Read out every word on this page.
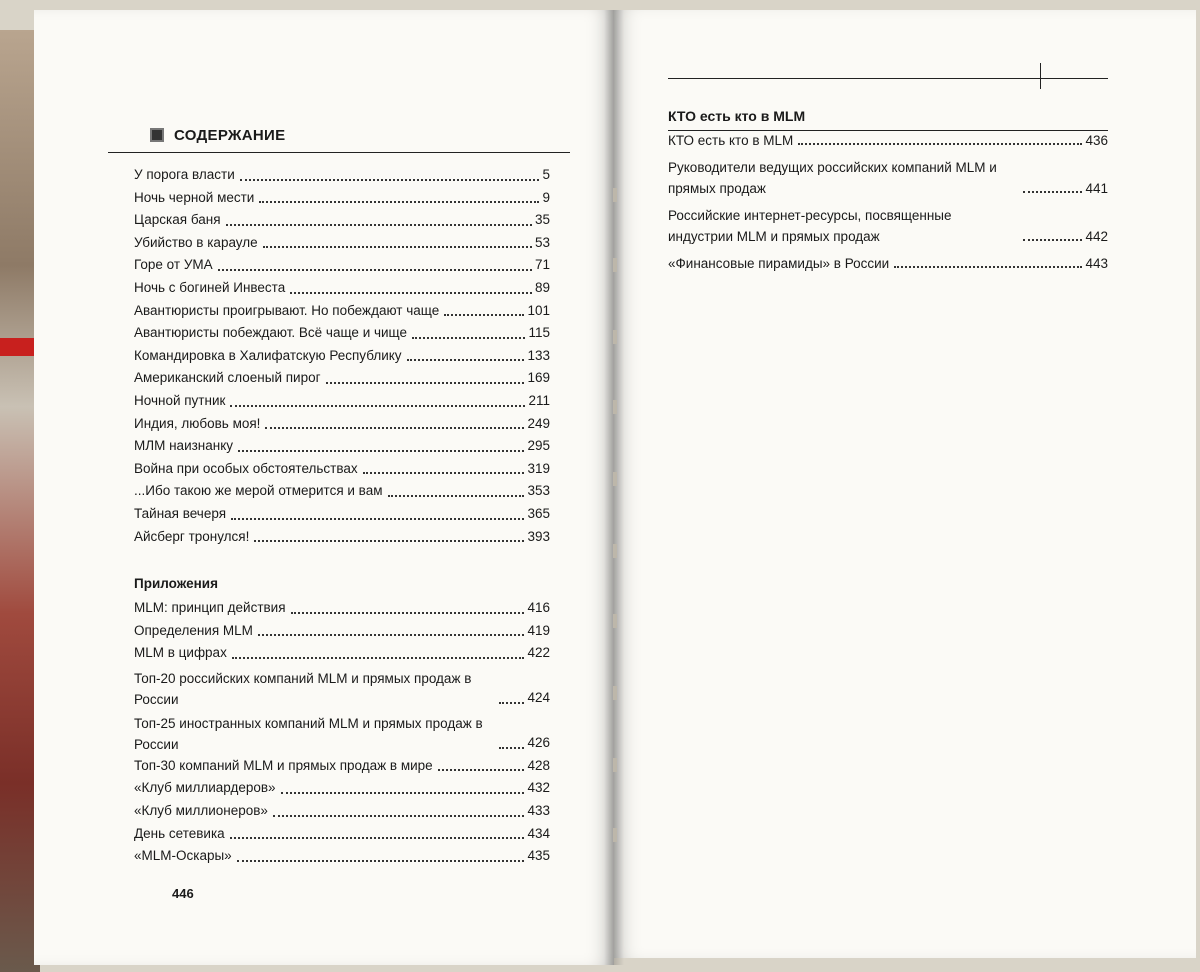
СОДЕРЖАНИЕ
У порога власти	5
Ночь черной мести	9
Царская баня	35
Убийство в карауле	53
Горе от УМА	71
Ночь с богиней Инвеста	89
Авантюристы проигрывают. Но побеждают чаще	101
Авантюристы побеждают. Всё чаще и чище	115
Командировка в Халифатскую Республику	133
Американский слоеный пирог	169
Ночной путник	211
Индия, любовь моя!	249
МЛМ наизнанку	295
Война при особых обстоятельствах	319
...Ибо такою же мерой отмерится и вам	353
Тайная вечеря	365
Айсберг тронулся!	393
Приложения
MLM: принцип действия	416
Определения MLM	419
MLM в цифрах	422
Топ-20 российских компаний MLM и прямых продаж в России	424
Топ-25 иностранных компаний MLM и прямых продаж в России	426
Топ-30 компаний MLM и прямых продаж в мире	428
«Клуб миллиардеров»	432
«Клуб миллионеров»	433
День сетевика	434
«MLM-Оскары»	435
446
КТО есть кто в MLM
КТО есть кто в MLM	436
Руководители ведущих российских компаний MLM и прямых продаж	441
Российские интернет-ресурсы, посвященные индустрии MLM и прямых продаж	442
«Финансовые пирамиды» в России	443
